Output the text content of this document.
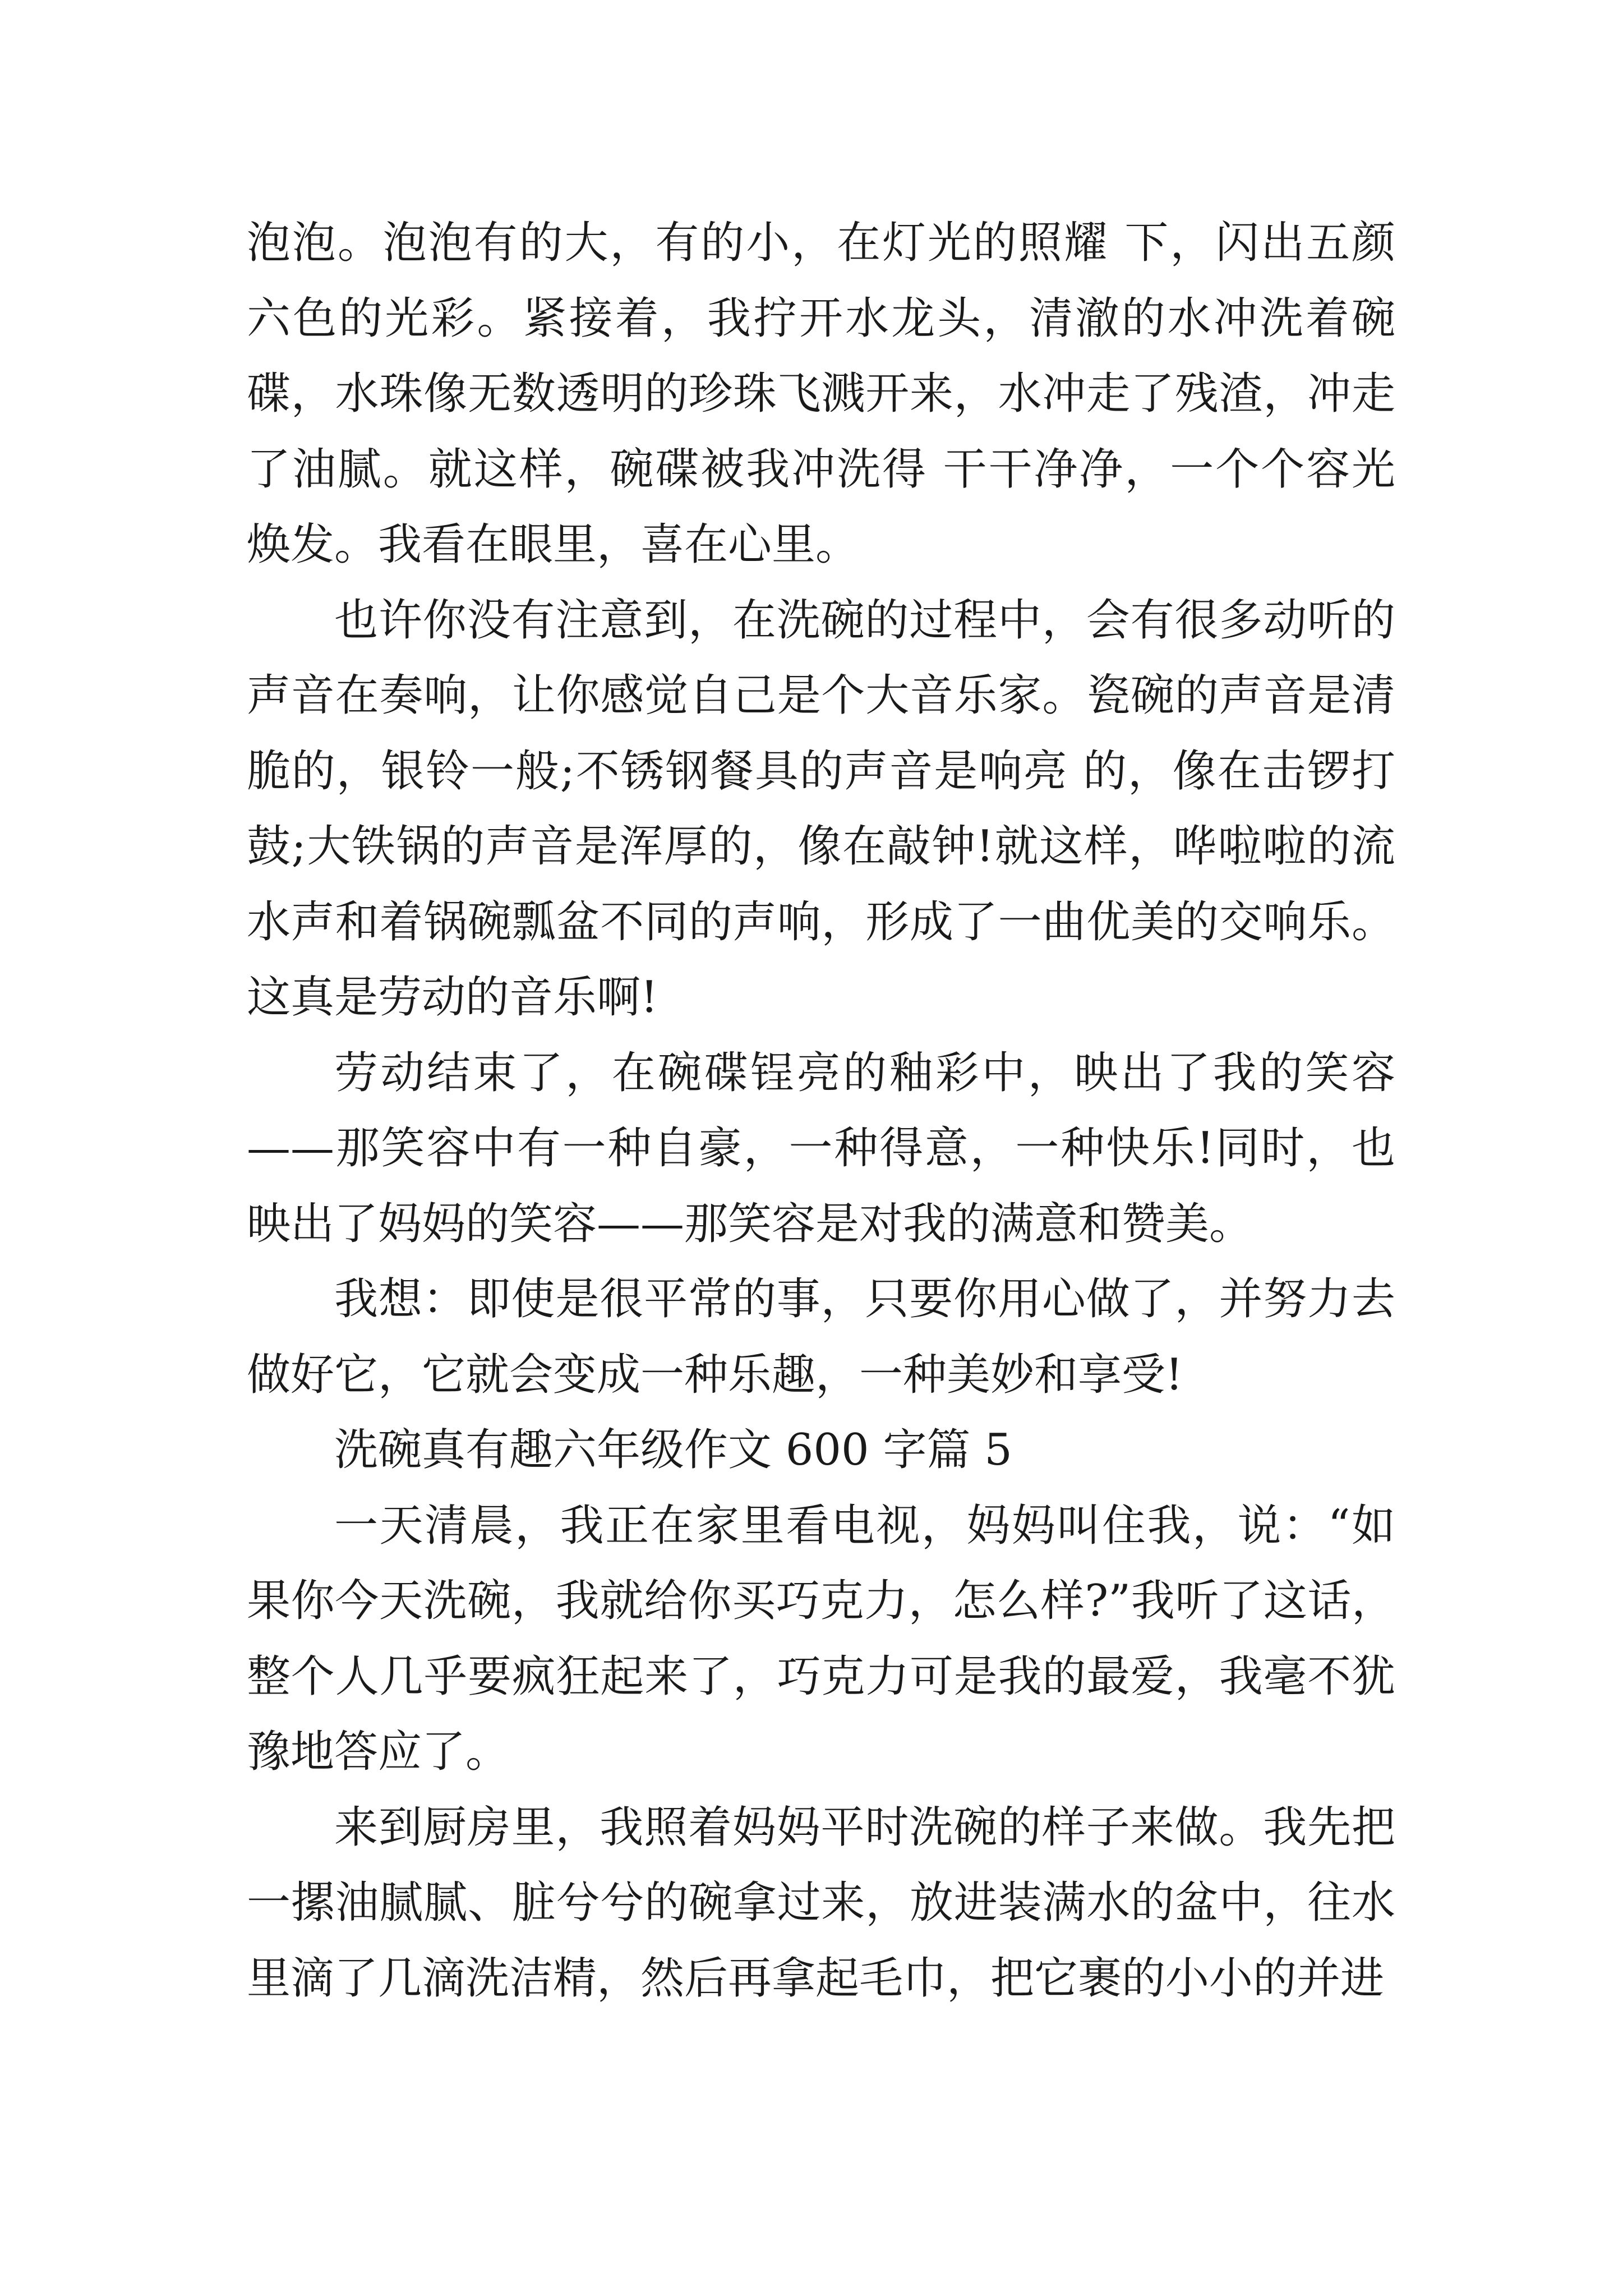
泡泡。泡泡有的大，有的小，在灯光的照耀 下，闪出五颜六色的光彩。紧接着，我拧开水龙头，清澈的水冲洗着碗碟，水珠像无数透明的珍珠飞溅开来，水冲走了残渣，冲走了油腻。就这样，碗碟被我冲洗得 干干净净，一个个容光焕发。我看在眼里，喜在心里。

也许你没有注意到，在洗碗的过程中，会有很多动听的声音在奏响，让你感觉自己是个大音乐家。瓷碗的声音是清脆的，银铃一般;不锈钢餐具的声音是响亮 的，像在击锣打鼓;大铁锅的声音是浑厚的，像在敲钟!就这样，哗啦啦的流水声和着锅碗瓢盆不同的声响，形成了一曲优美的交响乐。这真是劳动的音乐啊!

劳动结束了，在碗碟锃亮的釉彩中，映出了我的笑容——那笑容中有一种自豪，一种得意，一种快乐!同时，也映出了妈妈的笑容——那笑容是对我的满意和赞美。

我想：即使是很平常的事，只要你用心做了，并努力去做好它，它就会变成一种乐趣，一种美妙和享受!

洗碗真有趣六年级作文 600 字篇 5

一天清晨，我正在家里看电视，妈妈叫住我，说：“如果你今天洗碗，我就给你买巧克力，怎么样?”我听了这话，整个人几乎要疯狂起来了，巧克力可是我的最爱，我毫不犹豫地答应了。

来到厨房里，我照着妈妈平时洗碗的样子来做。我先把一摞油腻腻、脏兮兮的碗拿过来，放进装满水的盆中，往水里滴了几滴洗洁精，然后再拿起毛巾，把它裹的小小的并进
